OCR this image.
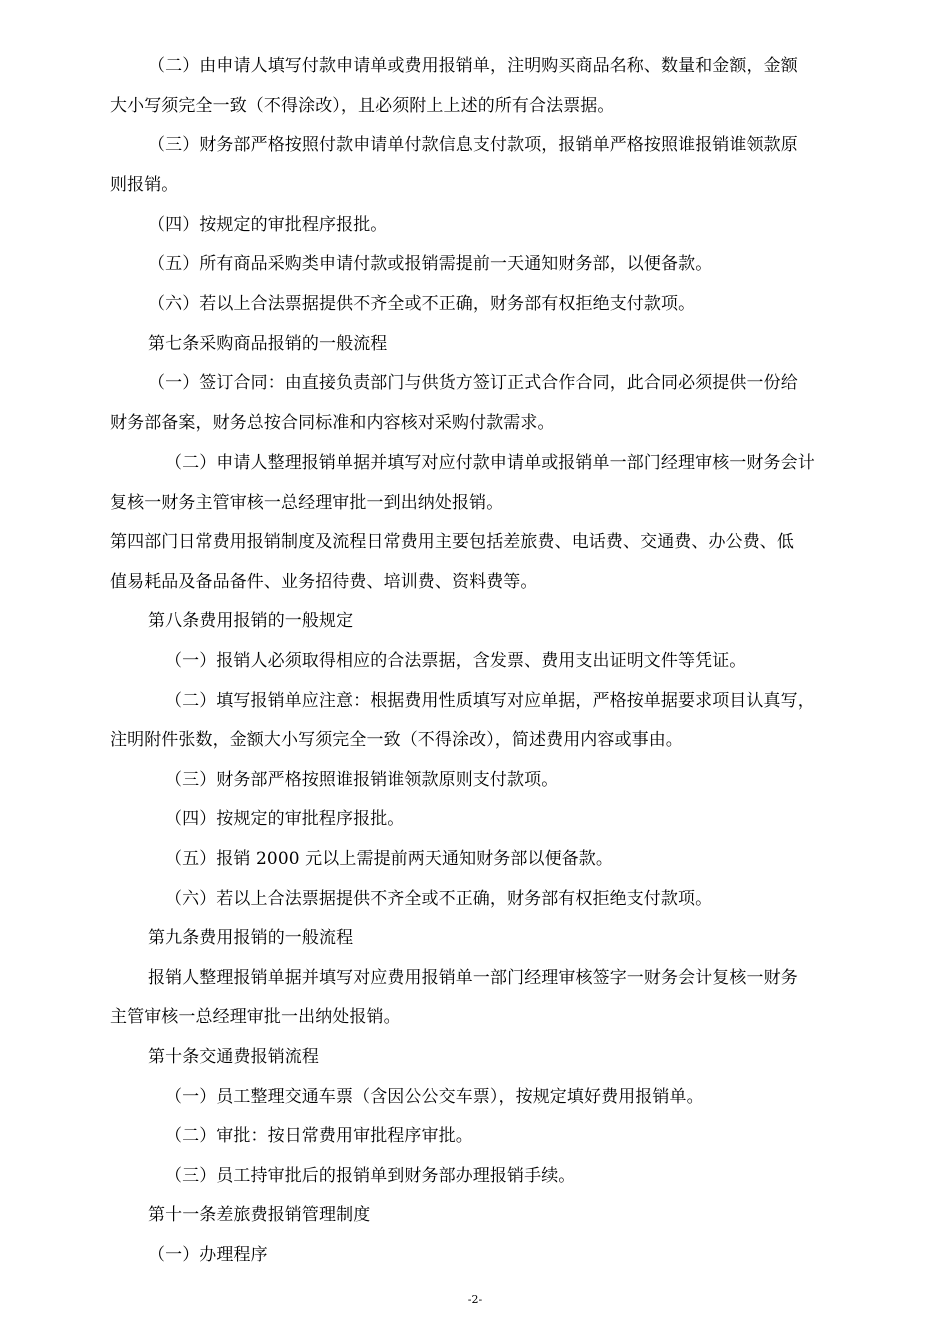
（二）由申请人填写付款申请单或费用报销单，注明购买商品名称、数量和金额，金额
大小写须完全一致（不得涂改），且必须附上上述的所有合法票据。
（三）财务部严格按照付款申请单付款信息支付款项，报销单严格按照谁报销谁领款原
则报销。
（四）按规定的审批程序报批。
（五）所有商品采购类申请付款或报销需提前一天通知财务部，以便备款。
（六）若以上合法票据提供不齐全或不正确，财务部有权拒绝支付款项。
第七条采购商品报销的一般流程
（一）签订合同：由直接负责部门与供货方签订正式合作合同，此合同必须提供一份给
财务部备案，财务总按合同标准和内容核对采购付款需求。
（二）申请人整理报销单据并填写对应付款申请单或报销单一部门经理审核一财务会计
复核一财务主管审核一总经理审批一到出纳处报销。
第四部门日常费用报销制度及流程日常费用主要包括差旅费、电话费、交通费、办公费、低
值易耗品及备品备件、业务招待费、培训费、资料费等。
第八条费用报销的一般规定
（一）报销人必须取得相应的合法票据，含发票、费用支出证明文件等凭证。
（二）填写报销单应注意：根据费用性质填写对应单据，严格按单据要求项目认真写，
注明附件张数，金额大小写须完全一致（不得涂改），简述费用内容或事由。
（三）财务部严格按照谁报销谁领款原则支付款项。
（四）按规定的审批程序报批。
（五）报销 2000 元以上需提前两天通知财务部以便备款。
（六）若以上合法票据提供不齐全或不正确，财务部有权拒绝支付款项。
第九条费用报销的一般流程
报销人整理报销单据并填写对应费用报销单一部门经理审核签字一财务会计复核一财务
主管审核一总经理审批一出纳处报销。
第十条交通费报销流程
（一）员工整理交通车票（含因公公交车票），按规定填好费用报销单。
（二）审批：按日常费用审批程序审批。
（三）员工持审批后的报销单到财务部办理报销手续。
第十一条差旅费报销管理制度
（一）办理程序
-2-
